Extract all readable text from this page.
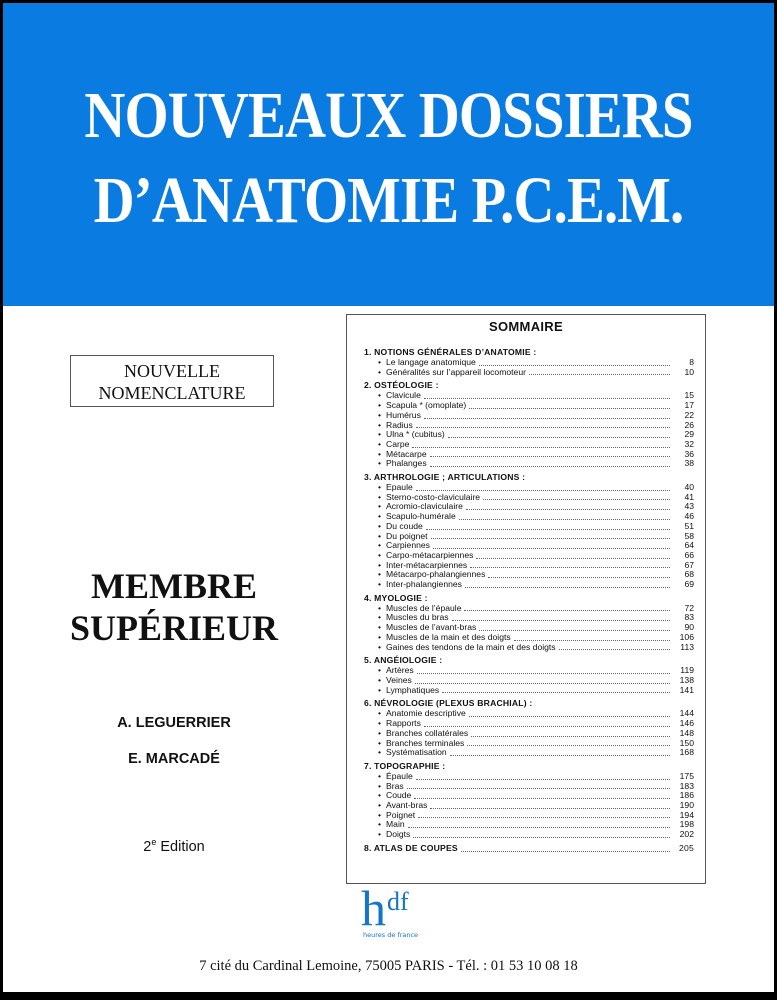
NOUVEAUX DOSSIERS
D’ANATOMIE P.C.E.M.
NOUVELLE
NOMENCLATURE
MEMBRE
SUPÉRIEUR
A. LEGUERRIER
E. MARCADÉ
2e Edition
SOMMAIRE
1. NOTIONS GÉNÉRALES D’ANATOMIE :
• Le langage anatomique	8
• Généralités sur l’appareil locomoteur	10
2. OSTÉOLOGIE :
• Clavicule	15
• Scapula * (omoplate)	17
• Humérus	22
• Radius	26
• Ulna * (cubitus)	29
• Carpe	32
• Métacarpe	36
• Phalanges	38
3. ARTHROLOGIE ; ARTICULATIONS :
• Epaule	40
• Sterno-costo-claviculaire	41
• Acromio-claviculaire	43
• Scapulo-humérale	46
• Du coude	51
• Du poignet	58
• Carpiennes	64
• Carpo-métacarpiennes	66
• Inter-métacarpiennes	67
• Métacarpo-phalangiennes	68
• Inter-phalangiennes	69
4. MYOLOGIE :
• Muscles de l’épaule	72
• Muscles du bras	83
• Muscles de l’avant-bras	90
• Muscles de la main et des doigts	106
• Gaines des tendons de la main et des doigts	113
5. ANGÉIOLOGIE :
• Artères	119
• Veines	138
• Lymphatiques	141
6. NÉVROLOGIE (PLEXUS BRACHIAL) :
• Anatomie descriptive	144
• Rapports	146
• Branches collatérales	148
• Branches terminales	150
• Systématisation	168
7. TOPOGRAPHIE :
• Épaule	175
• Bras	183
• Coude	186
• Avant-bras	190
• Poignet	194
• Main	198
• Doigts	202
8. ATLAS DE COUPES	205
h df
heures de france
7 cité du Cardinal Lemoine, 75005 PARIS - Tél. : 01 53 10 08 18
